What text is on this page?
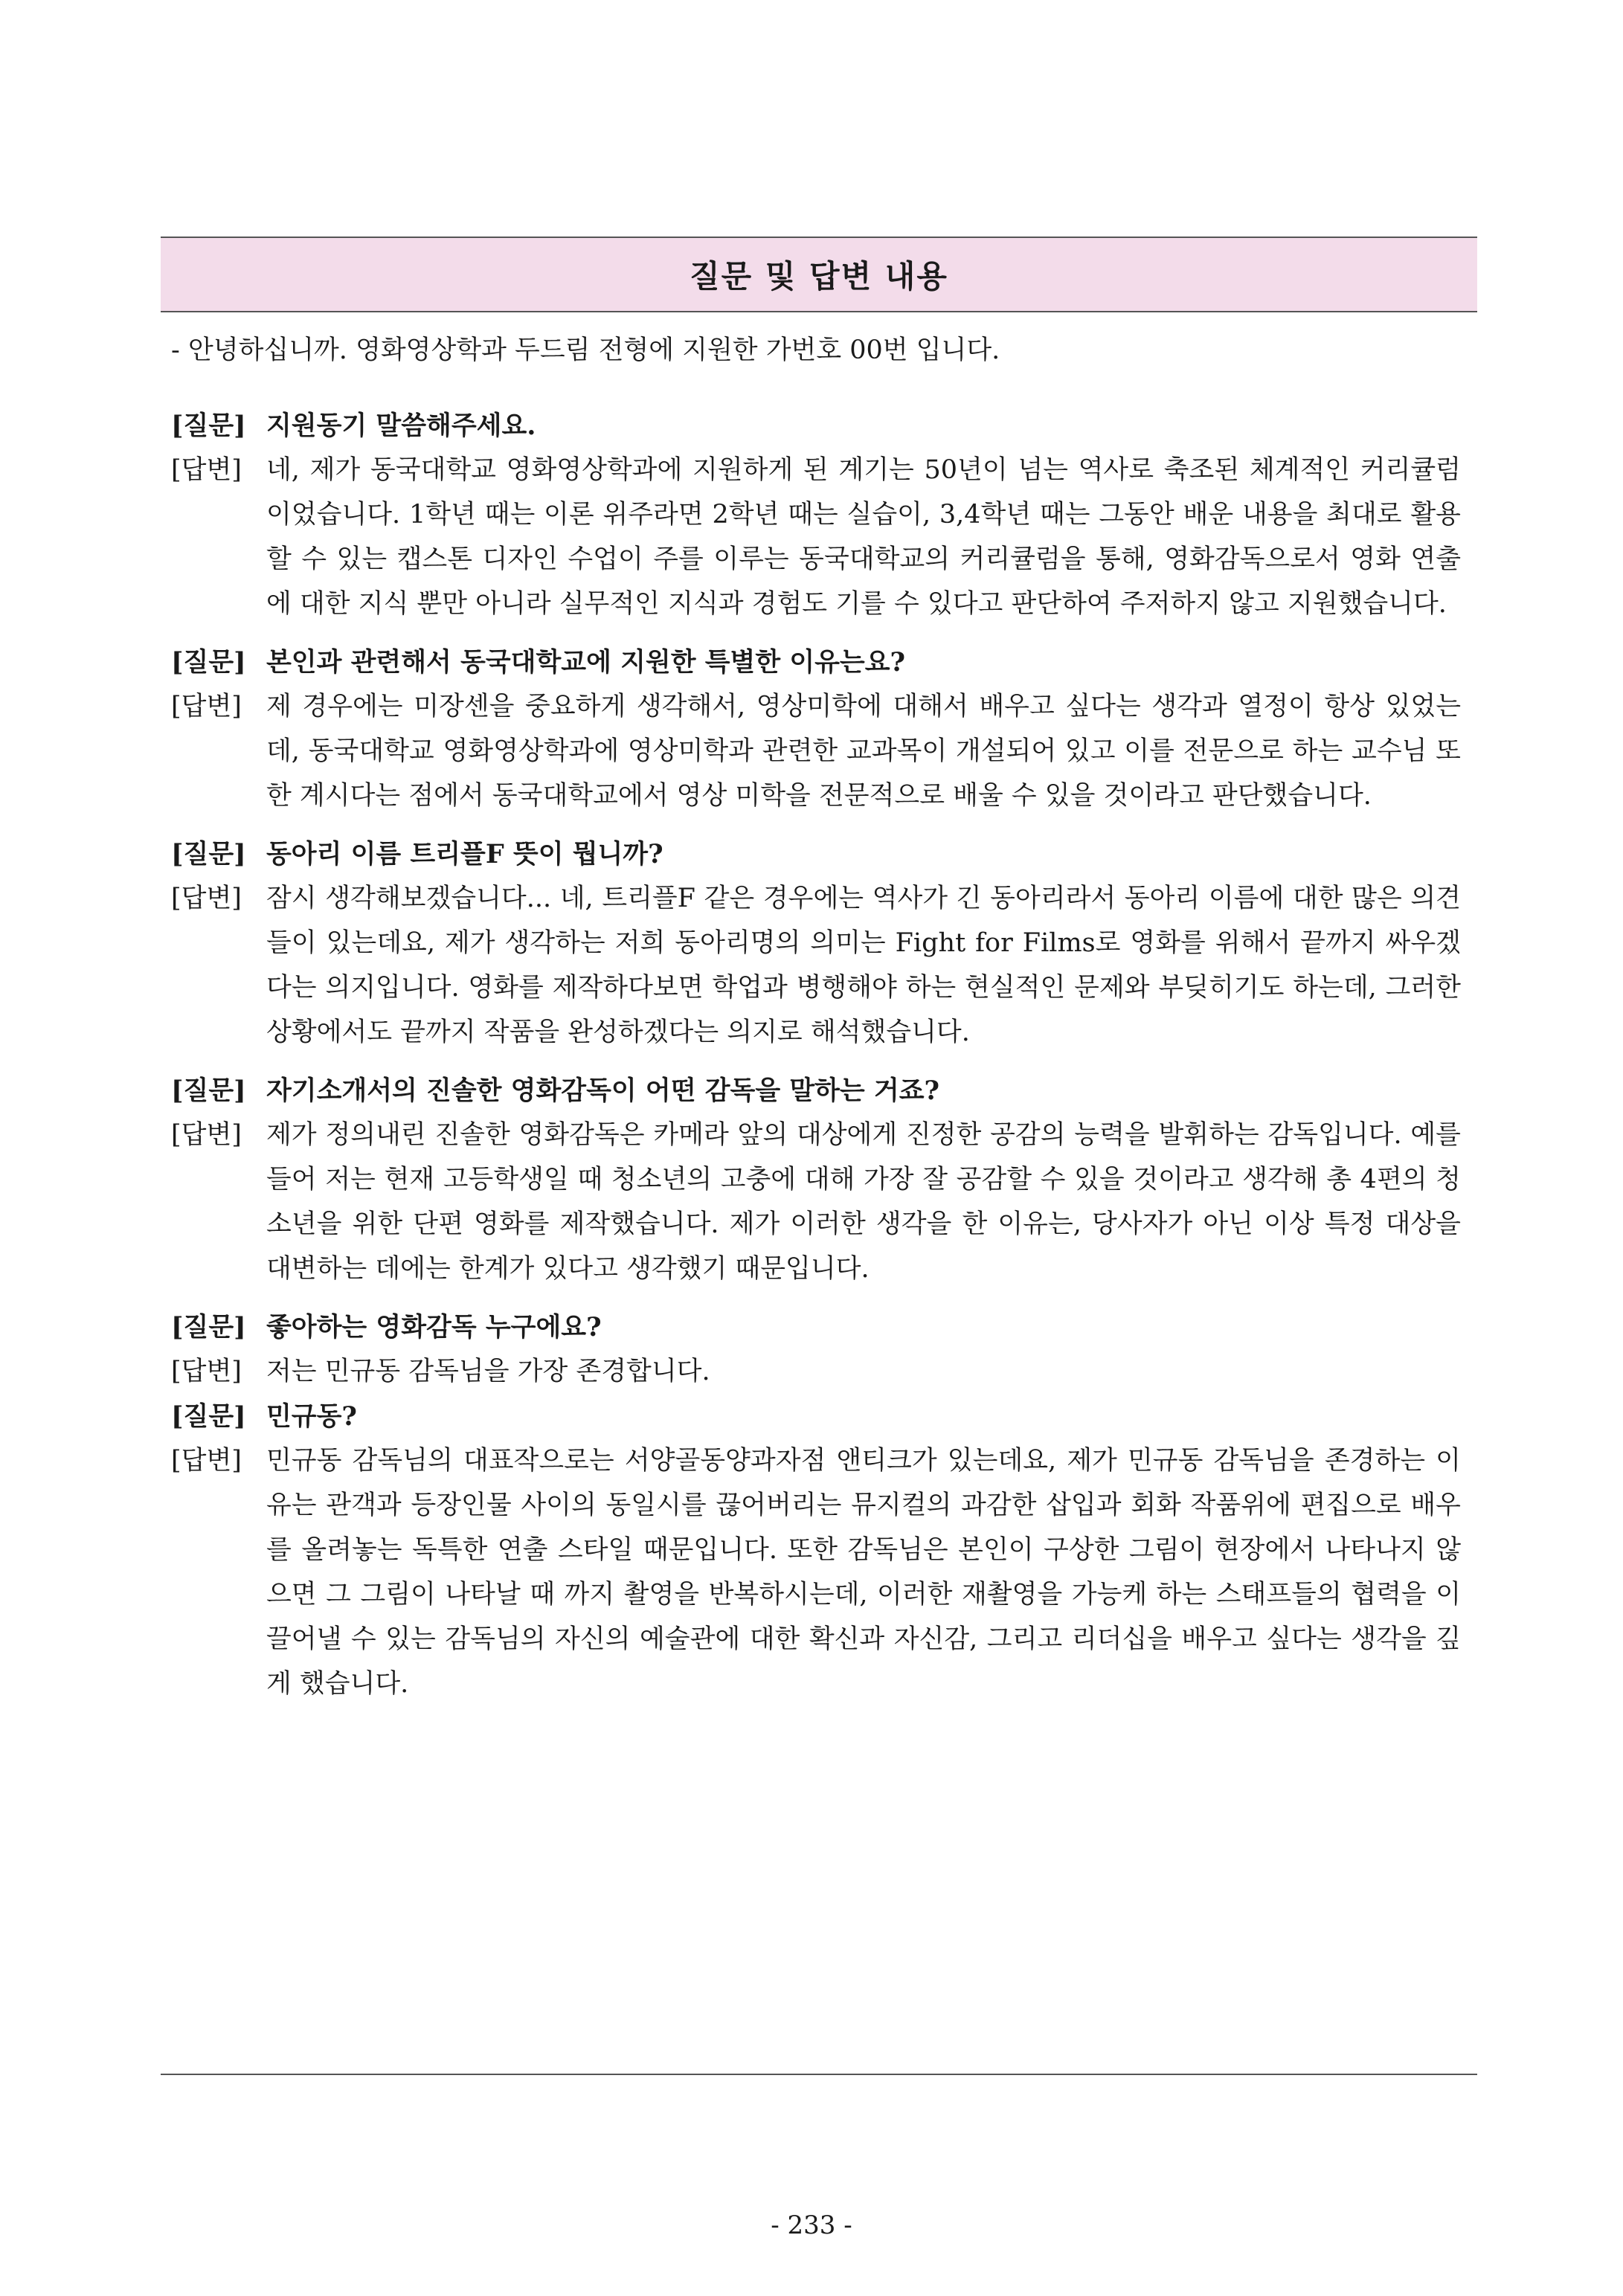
질문 및 답변 내용

- 안녕하십니까. 영화영상학과 두드림 전형에 지원한 가번호 00번 입니다.

[질문] 지원동기 말씀해주세요.
[답변] 네, 제가 동국대학교 영화영상학과에 지원하게 된 계기는 50년이 넘는 역사로 축조된 체계적인 커리큘럼이었습니다. 1학년 때는 이론 위주라면 2학년 때는 실습이, 3,4학년 때는 그동안 배운 내용을 최대로 활용할 수 있는 캡스톤 디자인 수업이 주를 이루는 동국대학교의 커리큘럼을 통해, 영화감독으로서 영화 연출에 대한 지식 뿐만 아니라 실무적인 지식과 경험도 기를 수 있다고 판단하여 주저하지 않고 지원했습니다.
[질문] 본인과 관련해서 동국대학교에 지원한 특별한 이유는요?
[답변] 제 경우에는 미장센을 중요하게 생각해서, 영상미학에 대해서 배우고 싶다는 생각과 열정이 항상 있었는데, 동국대학교 영화영상학과에 영상미학과 관련한 교과목이 개설되어 있고 이를 전문으로 하는 교수님 또한 계시다는 점에서 동국대학교에서 영상 미학을 전문적으로 배울 수 있을 것이라고 판단했습니다.
[질문] 동아리 이름 트리플F 뜻이 뭡니까?
[답변] 잠시 생각해보겠습니다... 네, 트리플F 같은 경우에는 역사가 긴 동아리라서 동아리 이름에 대한 많은 의견들이 있는데요, 제가 생각하는 저희 동아리명의 의미는 Fight for Films로 영화를 위해서 끝까지 싸우겠다는 의지입니다. 영화를 제작하다보면 학업과 병행해야 하는 현실적인 문제와 부딪히기도 하는데, 그러한 상황에서도 끝까지 작품을 완성하겠다는 의지로 해석했습니다.
[질문] 자기소개서의 진솔한 영화감독이 어떤 감독을 말하는 거죠?
[답변] 제가 정의내린 진솔한 영화감독은 카메라 앞의 대상에게 진정한 공감의 능력을 발휘하는 감독입니다. 예를 들어 저는 현재 고등학생일 때 청소년의 고충에 대해 가장 잘 공감할 수 있을 것이라고 생각해 총 4편의 청소년을 위한 단편 영화를 제작했습니다. 제가 이러한 생각을 한 이유는, 당사자가 아닌 이상 특정 대상을 대변하는 데에는 한계가 있다고 생각했기 때문입니다.
[질문] 좋아하는 영화감독 누구에요?
[답변] 저는 민규동 감독님을 가장 존경합니다.
[질문] 민규동?
[답변] 민규동 감독님의 대표작으로는 서양골동양과자점 앤티크가 있는데요, 제가 민규동 감독님을 존경하는 이유는 관객과 등장인물 사이의 동일시를 끊어버리는 뮤지컬의 과감한 삽입과 회화 작품위에 편집으로 배우를 올려놓는 독특한 연출 스타일 때문입니다. 또한 감독님은 본인이 구상한 그림이 현장에서 나타나지 않으면 그 그림이 나타날 때 까지 촬영을 반복하시는데, 이러한 재촬영을 가능케 하는 스태프들의 협력을 이끌어낼 수 있는 감독님의 자신의 예술관에 대한 확신과 자신감, 그리고 리더십을 배우고 싶다는 생각을 깊게 했습니다.
- 233 -
